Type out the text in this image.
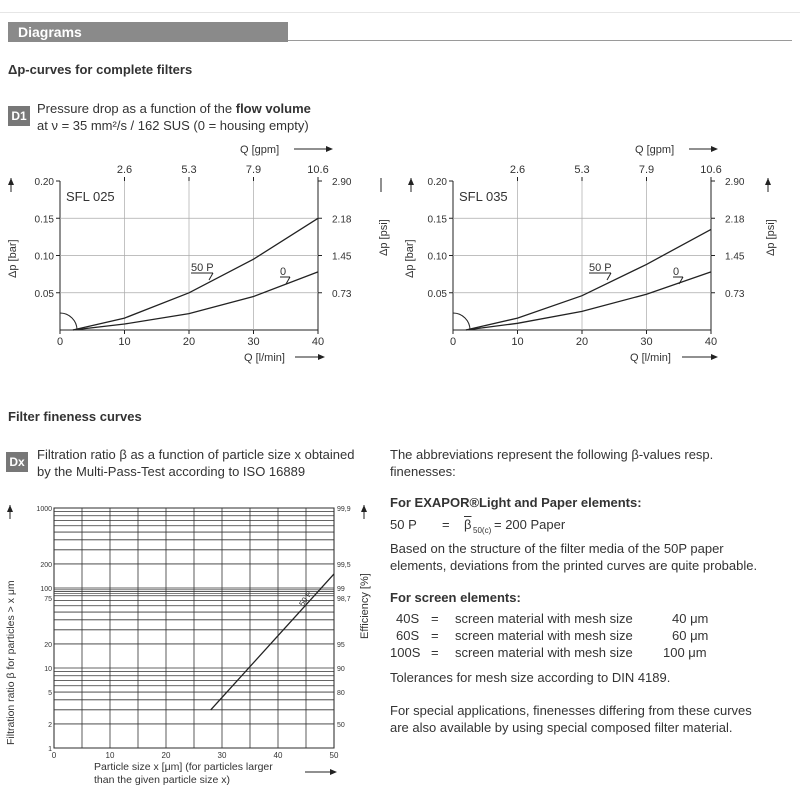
Diagrams
Δp-curves for complete filters
D1 Pressure drop as a function of the flow volume
at ν = 35 mm²/s / 162 SUS (0 = housing empty)
Q [gpm]
Q [l/min]
Δp [bar]
Δp [psi]
0	10	20	30	40
2.6	5.3	7.9	10.6
0.05	0.73
0.10	1.45
0.15	2.18
0.20	2.90
SFL 025
50 P	0
Q [gpm]
Q [l/min]
Δp [bar]
Δp [psi]
0	10	20	30	40
2.6	5.3	7.9	10.6
0.05	0.73
0.10	1.45
0.15	2.18
0.20	2.90
SFL 035
50 P	0
Filter fineness curves
Dx Filtration ratio β as a function of particle size x obtained
by the Multi-Pass-Test according to ISO 16889
Filtration ratio β for particles > x μm	Efficiency [%]
Particle size x [μm] (for particles larger
than the given particle size x)
0	10	20	30	40	50
1
2
5
10
20
75
100
200
1000
50
80
90
95
98,7
99
99,5
99,9
50 P
The abbreviations represent the following β-values resp.
finenesses:
For EXAPOR®Light and Paper elements:
50 $P = \overline{\beta}$ 50(c) = 200 Paper
Based on the structure of the filter media of the 50P paper
elements, deviations from the printed curves are quite probable.
For screen elements:
40S = screen material with mesh size	40 μm
60S = screen material with mesh size	60 μm
100S = screen material with mesh size 100 μm
Tolerances for mesh size according to DIN 4189.
For special applications, finenesses differing from these curves
are also available by using special composed filter material.
